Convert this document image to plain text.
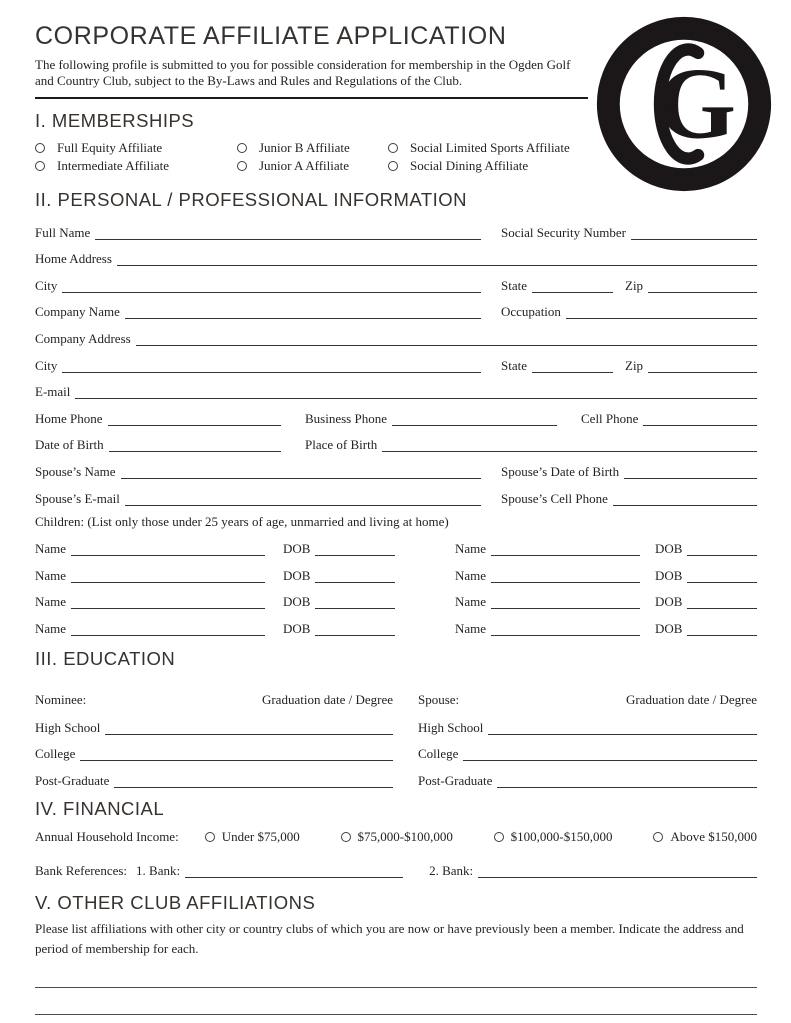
G
CORPORATE AFFILIATE APPLICATION
The following profile is submitted to you for possible consideration for membership in the Ogden Golf and Country Club, subject to the By-Laws and Rules and Regulations of the Club.
I. MEMBERSHIPS
Full Equity Affiliate
Intermediate Affiliate
Junior B Affiliate
Junior A Affiliate
Social Limited Sports Affiliate
Social Dining Affiliate
II. PERSONAL / PROFESSIONAL INFORMATION
Full Name	Social Security Number
Home Address
City	State	Zip
Company Name	Occupation
Company Address
City	State	Zip
E-mail
Home Phone	Business Phone	Cell Phone
Date of Birth	Place of Birth
Spouse’s Name	Spouse’s Date of Birth
Spouse’s E-mail	Spouse’s Cell Phone
Children: (List only those under 25 years of age, unmarried and living at home)
Name	DOB	Name	DOB
Name	DOB	Name	DOB
Name	DOB	Name	DOB
Name	DOB	Name	DOB
III. EDUCATION
Nominee:	Graduation date / Degree
High School
College
Post-Graduate
Spouse:	Graduation date / Degree
High School
College
Post-Graduate
IV. FINANCIAL
Annual Household Income:	Under $75,000	$75,000-$100,000	$100,000-$150,000	Above $150,000
Bank References: 1. Bank:	2. Bank:
V. OTHER CLUB AFFILIATIONS
Please list affiliations with other city or country clubs of which you are now or have previously been a member. Indicate the address and period of membership for each.
